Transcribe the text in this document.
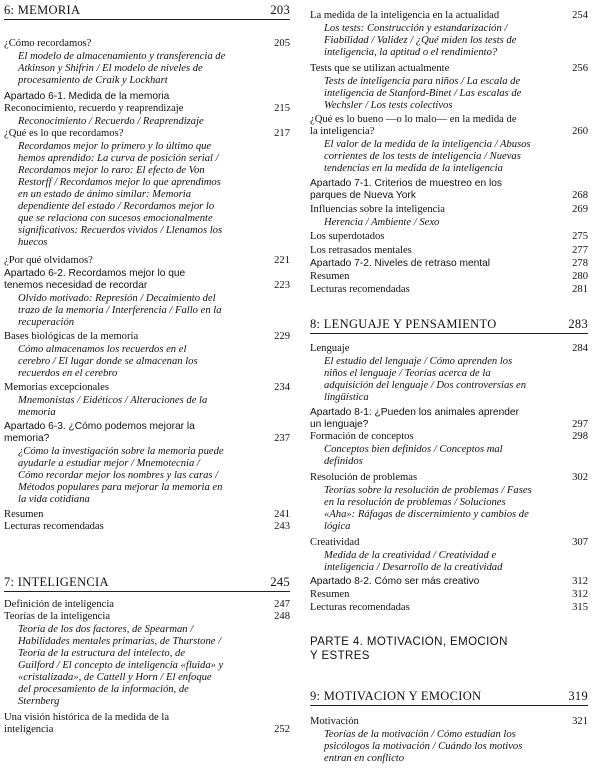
6: MEMORIA	203
¿Cómo recordamos?	205
El modelo de almacenamiento y transferencia de
Atkinson y Shifrin / El modelo de niveles de
procesamiento de Craik y Lockhart
Apartado 6-1. Medida de la memoria
Reconocimiento, recuerdo y reaprendizaje	215
Reconocimiento / Recuerdo / Reaprendizaje
¿Qué es lo que recordamos?	217
Recordamos mejor lo primero y lo último que
hemos aprendido: La curva de posición serial /
Recordamos mejor lo raro: El efecto de Von
Restorff / Recordamos mejor lo que aprendimos
en un estado de ánimo similar: Memoria
dependiente del estado / Recordamos mejor lo
que se relaciona con sucesos emocionalmente
significativos: Recuerdos vividos / Llenamos los
huecos
¿Por qué olvidamos?	221
Apartado 6-2. Recordamos mejor lo que
tenemos necesidad de recordar	223
Olvido motivado: Represión / Decaimiento del
trazo de la memoria / Interferencia / Fallo en la
recuperación
Bases biológicas de la memoria	229
Cómo almacenamos los recuerdos en el
cerebro / El lugar donde se almacenan los
recuerdos en el cerebro
Memorias excepcionales	234
Mnemonistas / Eidéticos / Alteraciones de la
memoria
Apartado 6-3. ¿Cómo podemos mejorar la
memoria?	237
¿Cómo la investigación sobre la memoria puede
ayudarle a estudiar mejor / Mnemotecnia /
Cómo recordar mejor los nombres y las caras /
Métodos populares para mejorar la memoria en
la vida cotidiana
Resumen	241
Lecturas recomendadas	243
7: INTELIGENCIA	245
Definición de inteligencia	247
Teorías de la inteligencia	248
Teoría de los dos factores, de Spearman /
Habilidades mentales primarias, de Thurstone /
Teoría de la estructura del intelecto, de
Guilford / El concepto de inteligencia «fluida» y
«cristalizada», de Cattell y Horn / El enfoque
del procesamiento de la información, de
Sternberg
Una visión histórica de la medida de la
inteligencia	252
La medida de la inteligencia en la actualidad	254
Los tests: Construcción y estandarización /
Fiabilidad / Validez / ¿Qué miden los tests de
inteligencia, la aptitud o el rendimiento?
Tests que se utilizan actualmente	256
Tests de inteligencia para niños / La escala de
inteligencia de Stanford-Binet / Las escalas de
Wechsler / Los tests colectivos
¿Qué es lo bueno —o lo malo— en la medida de
la inteligencia?	260
El valor de la medida de la inteligencia / Abusos
corrientes de los tests de inteligencia / Nuevas
tendencias en la medida de la inteligencia
Apartado 7-1. Criterios de muestreo en los
parques de Nueva York	268
Influencias sobre la inteligencia	269
Herencia / Ambiente / Sexo
Los superdotados	275
Los retrasados mentales	277
Apartado 7-2. Niveles de retraso mental	278
Resumen	280
Lecturas recomendadas	281
8: LENGUAJE Y PENSAMIENTO	283
Lenguaje	284
El estudio del lenguaje / Cómo aprenden los
niños el lenguaje / Teorías acerca de la
adquisición del lenguaje / Dos controversias en
lingüística
Apartado 8-1: ¿Pueden los animales aprender
un lenguaje?	297
Formación de conceptos	298
Conceptos bien definidos / Conceptos mal
definidos
Resolución de problemas	302
Teorías sobre la resolución de problemas / Fases
en la resolución de problemas / Soluciones
«Aha»: Ráfagas de discernimiento y cambios de
lógica
Creatividad	307
Medida de la creatividad / Creatividad e
inteligencia / Desarrollo de la creatividad
Apartado 8-2. Cómo ser más creativo	312
Resumen	312
Lecturas recomendadas	315
PARTE 4. MOTIVACION, EMOCION
Y ESTRES
9: MOTIVACION Y EMOCION	319
Motivación	321
Teorías de la motivación / Cómo estudian los
psicólogos la motivación / Cuándo los motivos
entran en conflicto
